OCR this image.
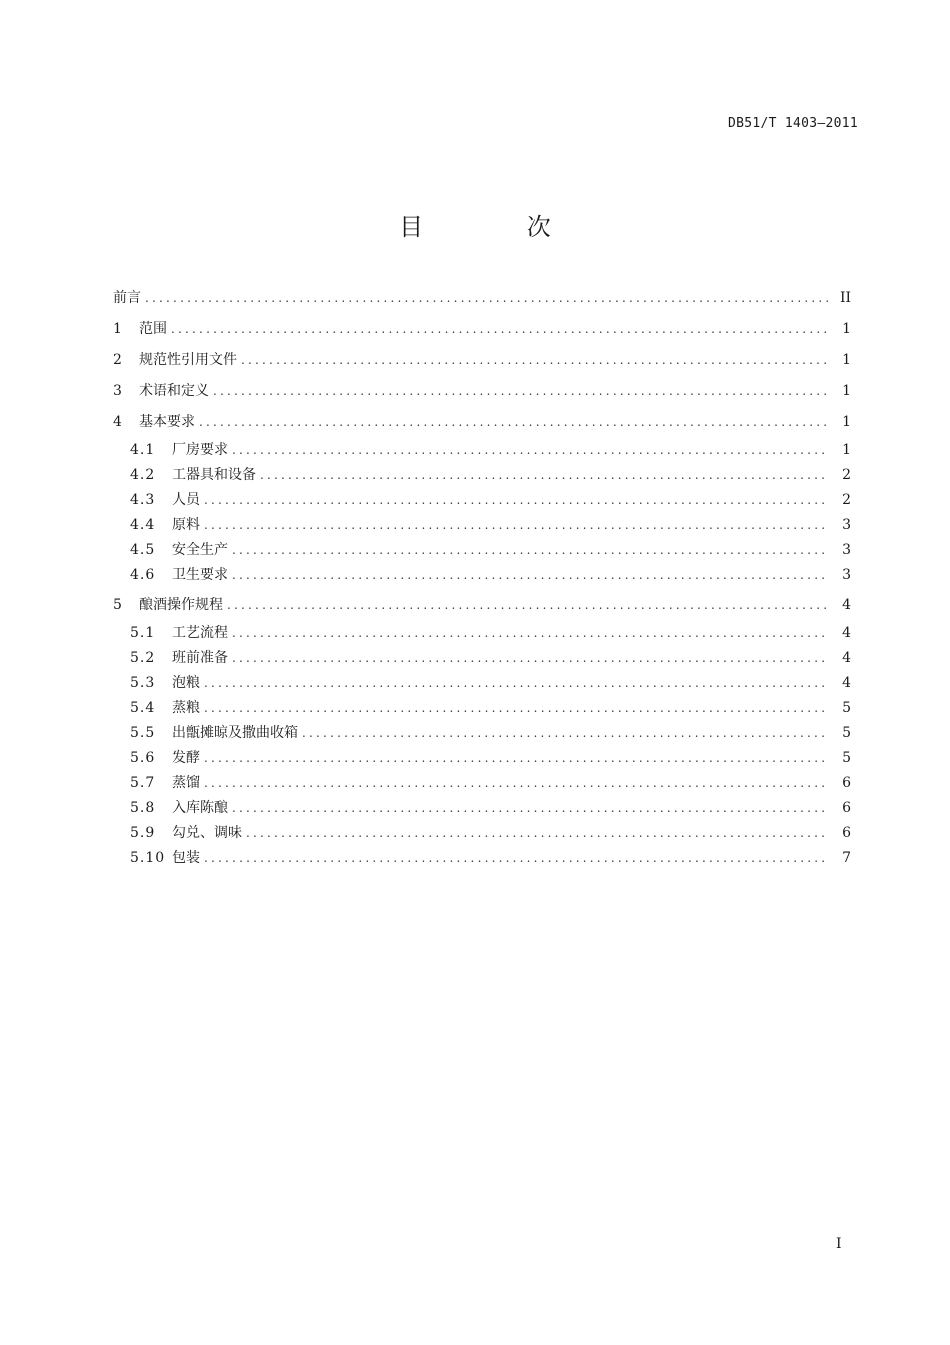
DB51/T 1403—2011
目 次
前言 .....	II
1	范围 .....	1
2	规范性引用文件 .....	1
3	术语和定义 .....	1
4	基本要求 .....	1
4.1	厂房要求 .....	1
4.2	工器具和设备 .....	2
4.3	人员 .....	2
4.4	原料 .....	3
4.5	安全生产 .....	3
4.6	卫生要求 .....	3
5	酿酒操作规程 .....	4
5.1	工艺流程 .....	4
5.2	班前准备 .....	4
5.3	泡粮 .....	4
5.4	蒸粮 .....	5
5.5	出甑摊晾及撒曲收箱 .....	5
5.6	发酵 .....	5
5.7	蒸馏 .....	6
5.8	入库陈酿 .....	6
5.9	勾兑、调味 .....	6
5.10 包装 .....	7
I
